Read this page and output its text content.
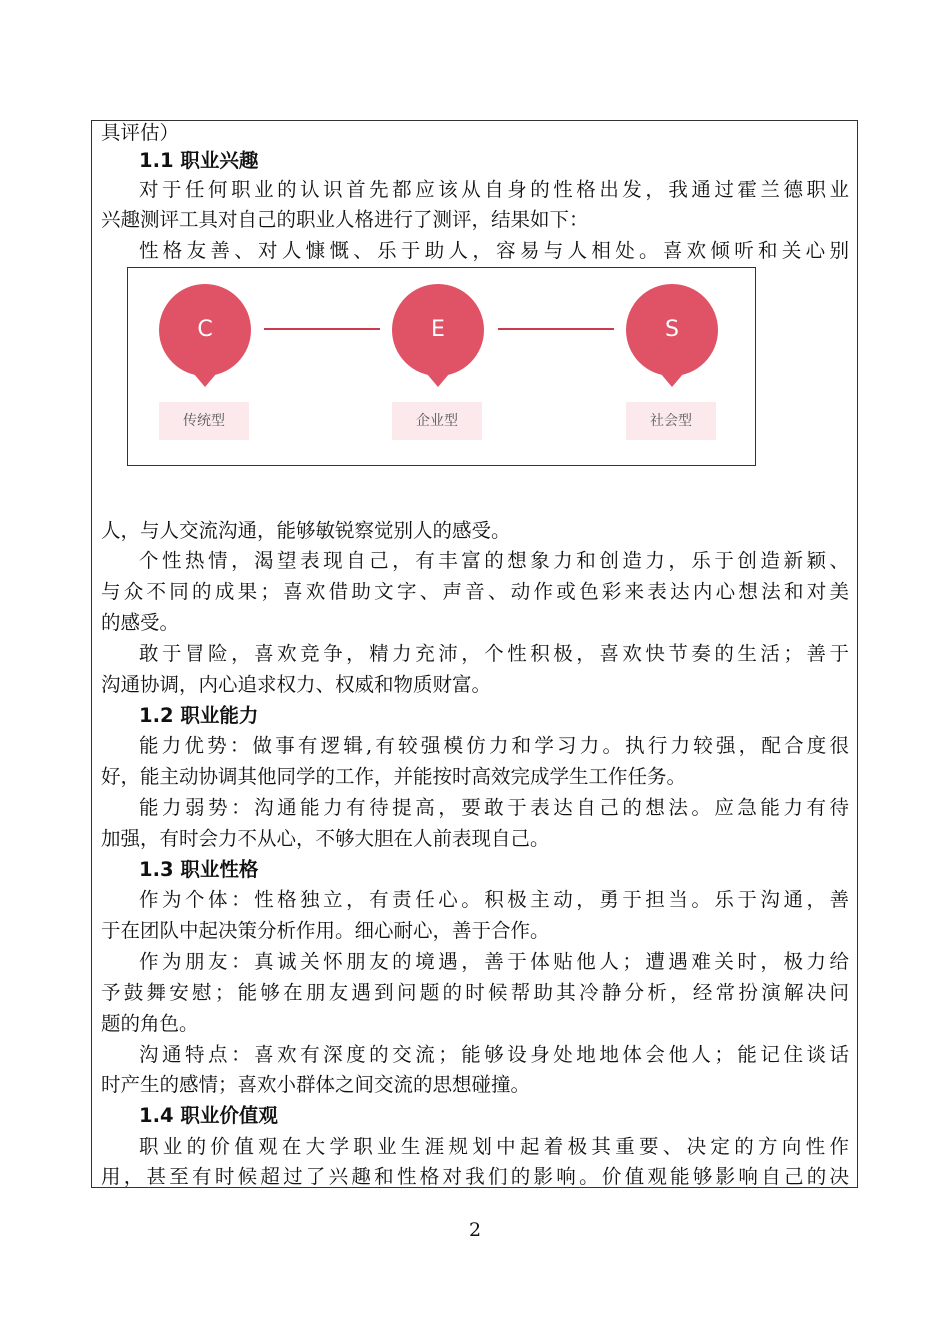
具评估）
1.1 职业兴趣
对于任何职业的认识首先都应该从自身的性格出发，我通过霍兰德职业
兴趣测评工具对自己的职业人格进行了测评，结果如下：
性格友善、对人慷慨、乐于助人，容易与人相处。喜欢倾听和关心别
C	E	S
传统型	企业型	社会型
人，与人交流沟通，能够敏锐察觉别人的感受。
个性热情，渴望表现自己，有丰富的想象力和创造力，乐于创造新颖、
与众不同的成果；喜欢借助文字、声音、动作或色彩来表达内心想法和对美
的感受。
敢于冒险，喜欢竞争，精力充沛，个性积极，喜欢快节奏的生活；善于
沟通协调，内心追求权力、权威和物质财富。
1.2 职业能力
能力优势：做事有逻辑,有较强模仿力和学习力。执行力较强，配合度很
好，能主动协调其他同学的工作，并能按时高效完成学生工作任务。
能力弱势：沟通能力有待提高，要敢于表达自己的想法。应急能力有待
加强，有时会力不从心，不够大胆在人前表现自己。
1.3 职业性格
作为个体：性格独立，有责任心。积极主动，勇于担当。乐于沟通，善
于在团队中起决策分析作用。细心耐心，善于合作。
作为朋友：真诚关怀朋友的境遇，善于体贴他人；遭遇难关时，极力给
予鼓舞安慰；能够在朋友遇到问题的时候帮助其冷静分析，经常扮演解决问
题的角色。
沟通特点：喜欢有深度的交流；能够设身处地地体会他人；能记住谈话
时产生的感情；喜欢小群体之间交流的思想碰撞。
1.4 职业价值观
职业的价值观在大学职业生涯规划中起着极其重要、决定的方向性作
用，甚至有时候超过了兴趣和性格对我们的影响。价值观能够影响自己的决
2
